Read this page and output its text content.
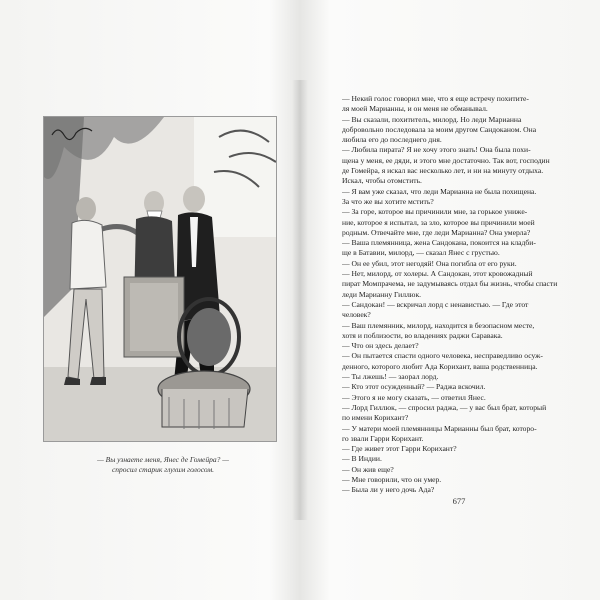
— Вы узнаете меня, Янес де Гомейра? —
спросил старик глухим голосом.
— Некий голос говорил мне, что я еще встречу похитите-
ля моей Марианны, и он меня не обманывал.
— Вы сказали, похититель, милорд. Но леди Марианна
добровольно последовала за моим другом Сандоканом. Она
любила его до последнего дня.
— Любила пирата? Я не хочу этого знать! Она была похи-
щена у меня, ее дяди, и этого мне достаточно. Так вот, господин
де Гомейра, я искал вас несколько лет, и ни на минуту отдыха.
Искал, чтобы отомстить.
— Я вам уже сказал, что леди Марианна не была похищена.
За что же вы хотите мстить?
— За горе, которое вы причинили мне, за горькое униже-
ние, которое я испытал, за зло, которое вы причинили моей
родным. Отвечайте мне, где леди Марианна? Она умерла?
— Ваша племянница, жена Сандокана, покоится на кладби-
ще в Батавии, милорд, — сказал Янес с грустью.
— Он ее убил, этот негодяй! Она погибла от его руки.
— Нет, милорд, от холеры. А Сандокан, этот кровожадный
пират Момпрачема, не задумываясь отдал бы жизнь, чтобы спасти
леди Марианну Гиллюк.
— Сандокан! — вскричал лорд с ненавистью. — Где этот
человек?
— Ваш племянник, милорд, находится в безопасном месте,
хотя и поблизости, во владениях раджи Саравака.
— Что он здесь делает?
— Он пытается спасти одного человека, несправедливо осуж-
денного, которого любит Ада Корихант, ваша родственница.
— Ты лжешь! — заорал лорд.
— Кто этот осужденный? — Раджа вскочил.
— Этого я не могу сказать, — ответил Янес.
— Лорд Гиллюк, — спросил раджа, — у вас был брат, который
по имени Корихант?
— У матери моей племянницы Марианны был брат, которо-
го звали Гарри Корихант.
— Где живет этот Гарри Корихант?
— В Индии.
— Он жив еще?
— Мне говорили, что он умер.
— Была ли у него дочь Ада?
677
